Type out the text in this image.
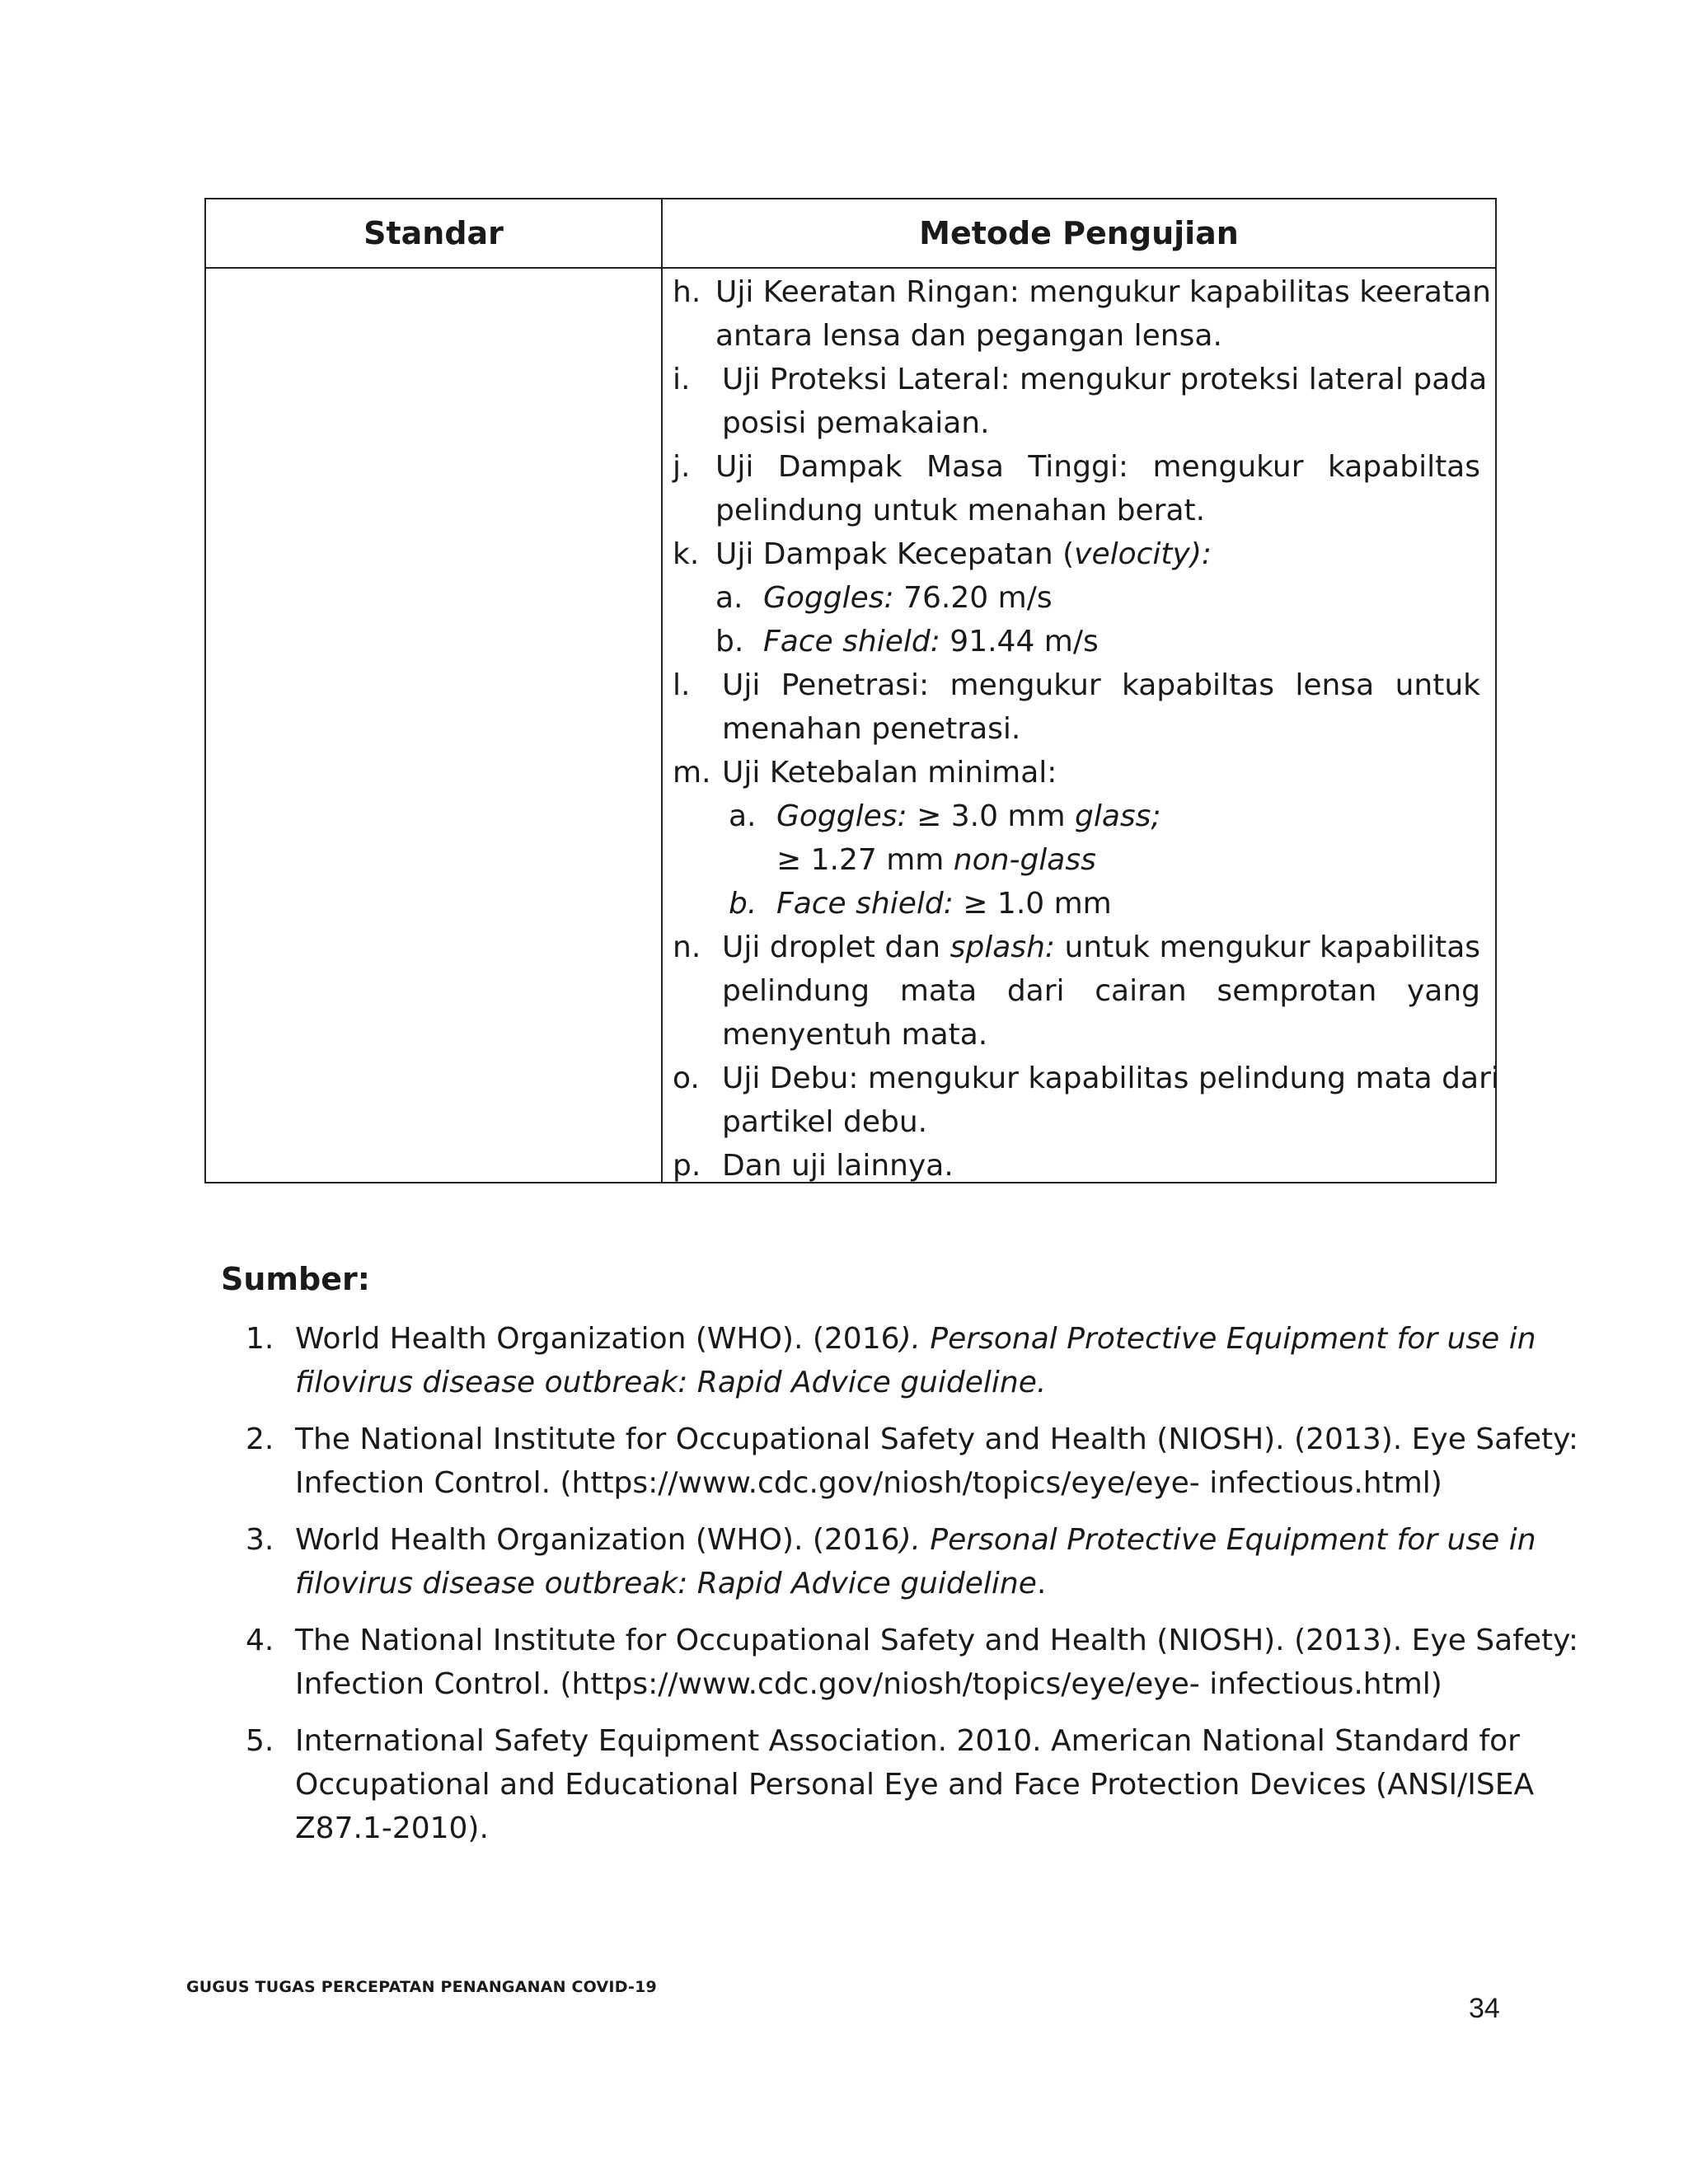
Standar	Metode Pengujian
h. Uji Keeratan Ringan: mengukur kapabilitas keeratan
antara lensa dan pegangan lensa.
i. Uji Proteksi Lateral: mengukur proteksi lateral pada
posisi pemakaian.
j. Uji Dampak Masa Tinggi: mengukur kapabiltas
pelindung untuk menahan berat.
k. Uji Dampak Kecepatan (velocity):
a. Goggles: 76.20 m/s
b. Face shield: 91.44 m/s
l. Uji Penetrasi: mengukur kapabiltas lensa untuk
menahan penetrasi.
m. Uji Ketebalan minimal:
a. Goggles: ≥ 3.0 mm glass;
≥ 1.27 mm non-glass
b. Face shield: ≥ 1.0 mm
n. Uji droplet dan splash: untuk mengukur kapabilitas
pelindung mata dari cairan semprotan yang
menyentuh mata.
o. Uji Debu: mengukur kapabilitas pelindung mata dari
partikel debu.
p. Dan uji lainnya.
Sumber:
1. World Health Organization (WHO). (2016). Personal Protective Equipment for use in
filovirus disease outbreak: Rapid Advice guideline.
2. The National Institute for Occupational Safety and Health (NIOSH). (2013). Eye Safety:
Infection Control. (https://www.cdc.gov/niosh/topics/eye/eye- infectious.html)
3. World Health Organization (WHO). (2016). Personal Protective Equipment for use in
filovirus disease outbreak: Rapid Advice guideline.
4. The National Institute for Occupational Safety and Health (NIOSH). (2013). Eye Safety:
Infection Control. (https://www.cdc.gov/niosh/topics/eye/eye- infectious.html)
5. International Safety Equipment Association. 2010. American National Standard for
Occupational and Educational Personal Eye and Face Protection Devices (ANSI/ISEA
Z87.1-2010).
GUGUS TUGAS PERCEPATAN PENANGANAN COVID-19
34
